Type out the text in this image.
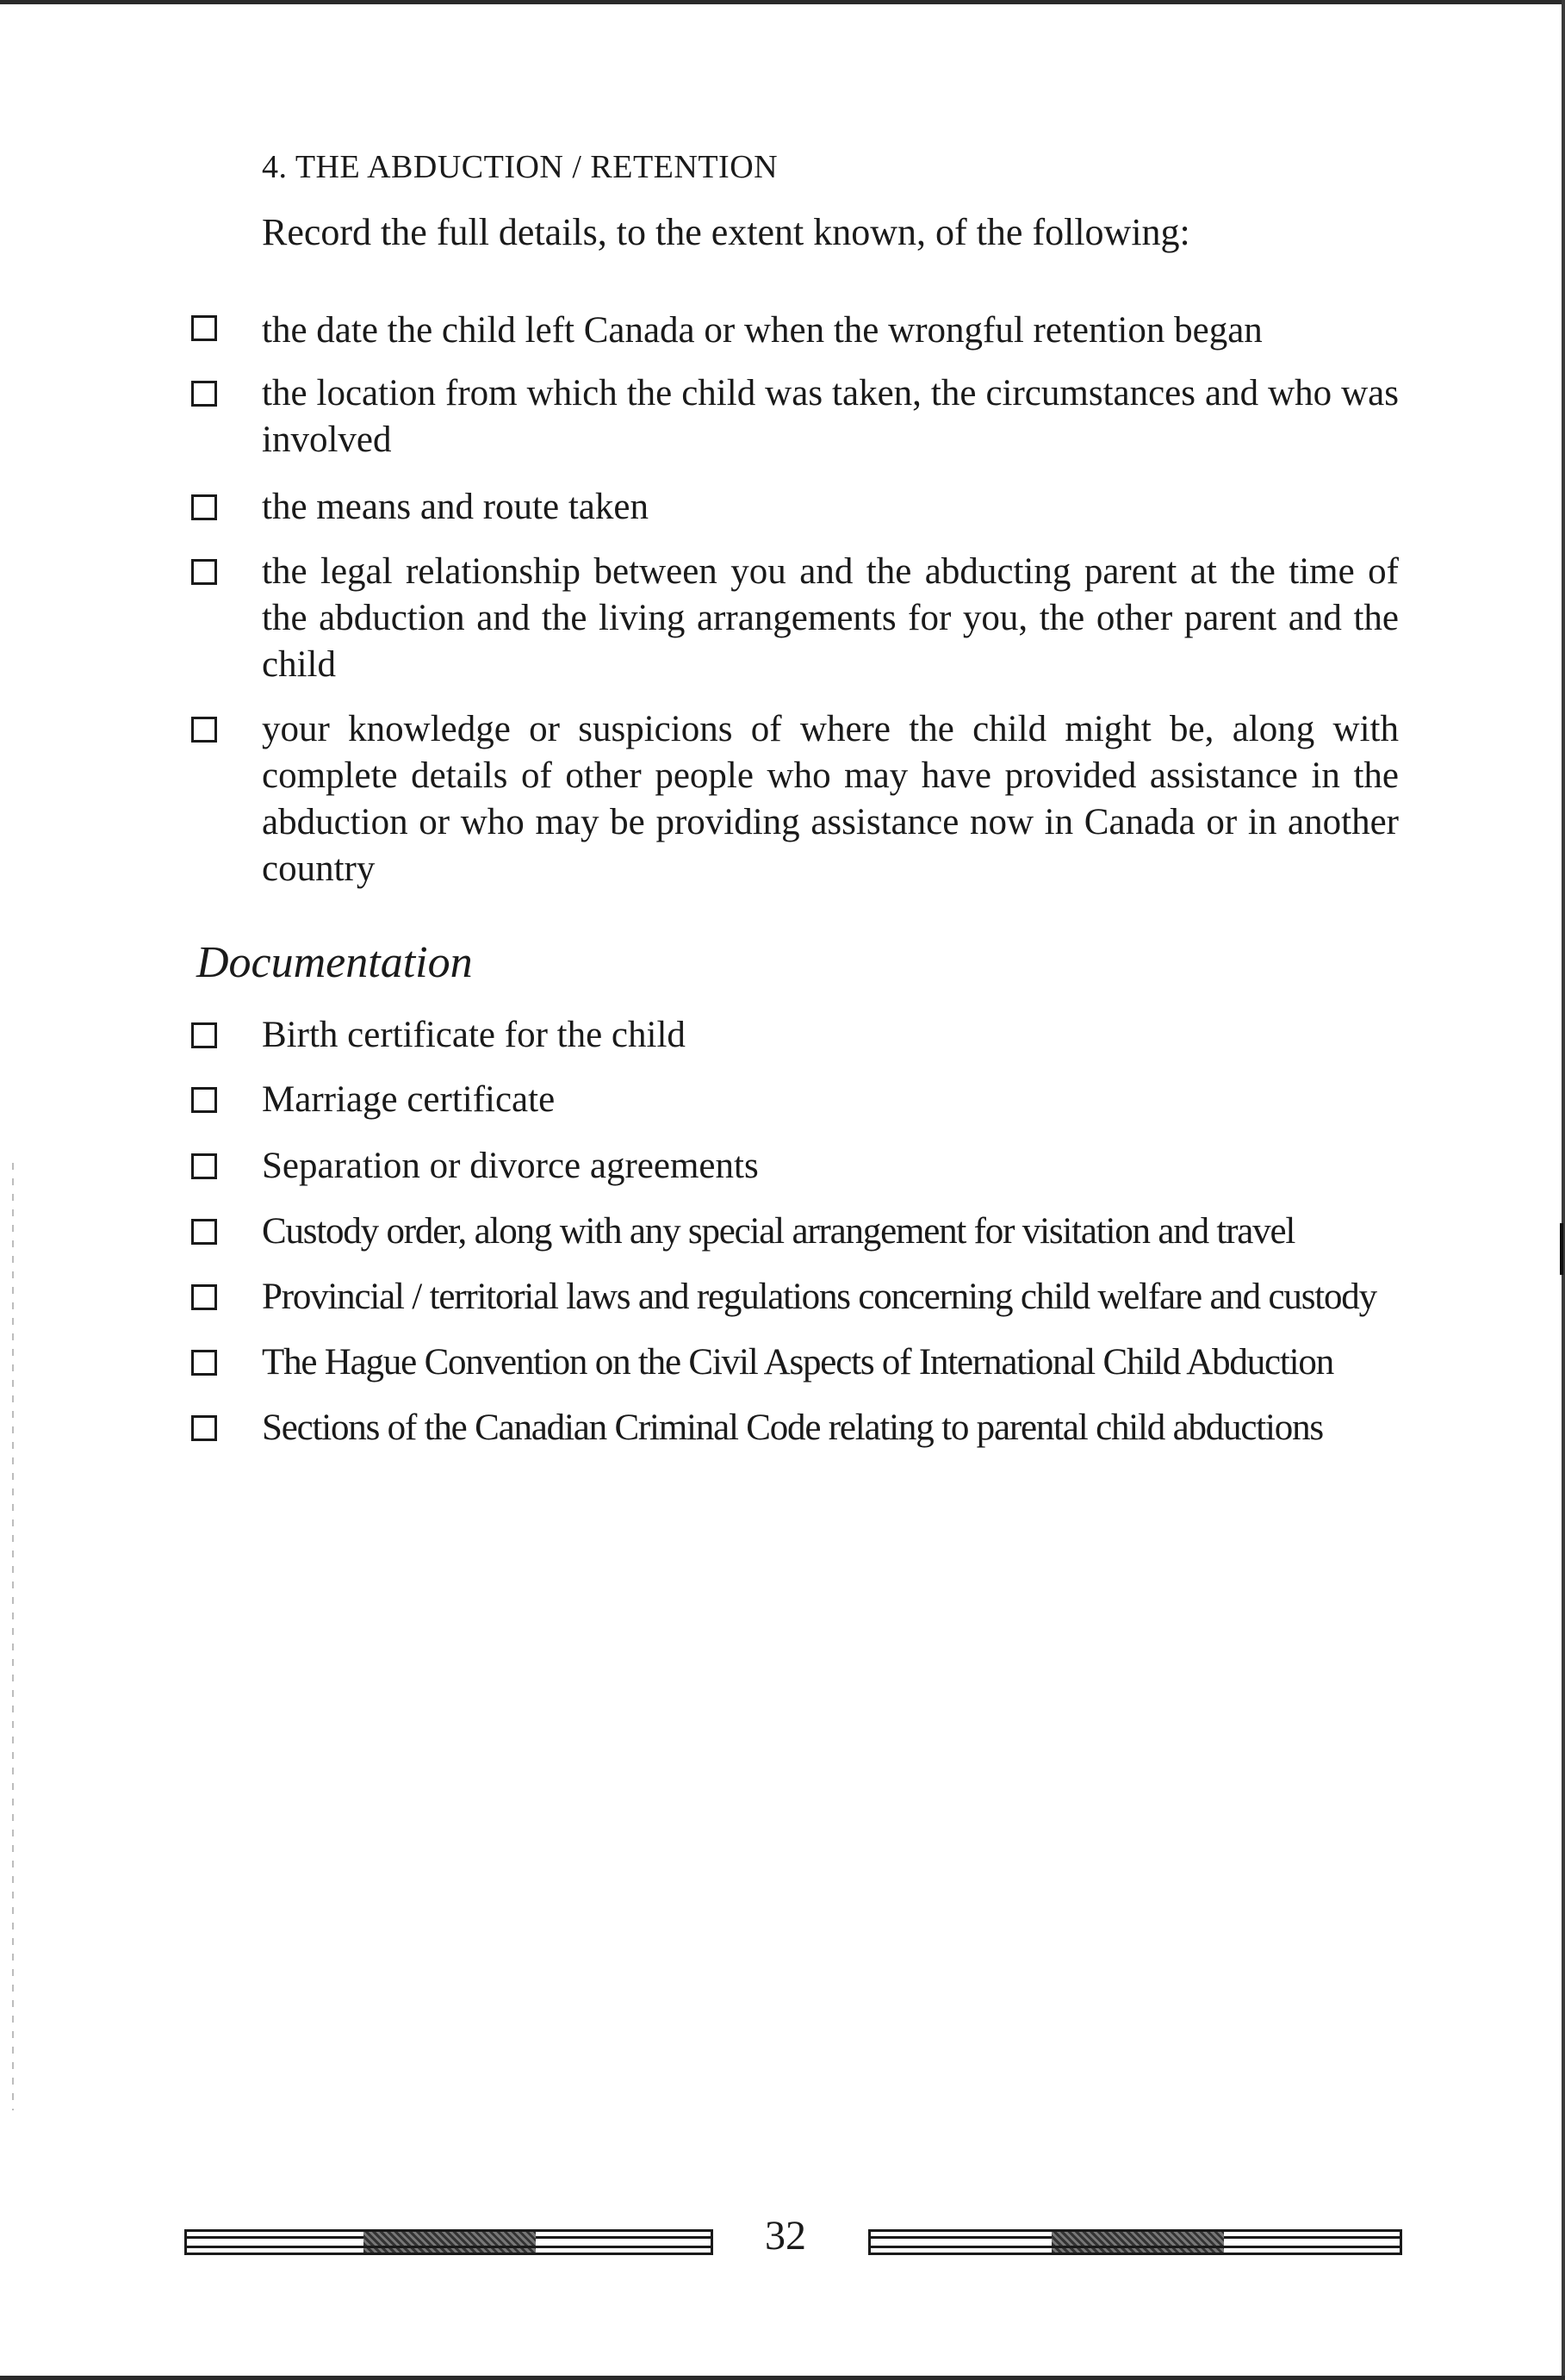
4. THE ABDUCTION / RETENTION
Record the full details, to the extent known, of the following:
the date the child left Canada or when the wrongful retention began
the location from which the child was taken, the circumstances and who was involved
the means and route taken
the legal relationship between you and the abducting parent at the time of the abduction and the living arrangements for you, the other parent and the child
your knowledge or suspicions of where the child might be, along with complete details of other people who may have provided assistance in the abduction or who may be providing assistance now in Canada or in another country
Documentation
Birth certificate for the child
Marriage certificate
Separation or divorce agreements
Custody order, along with any special arrangement for visitation and travel
Provincial / territorial laws and regulations concerning child welfare and custody
The Hague Convention on the Civil Aspects of International Child Abduction
Sections of the Canadian Criminal Code relating to parental child abductions
32
